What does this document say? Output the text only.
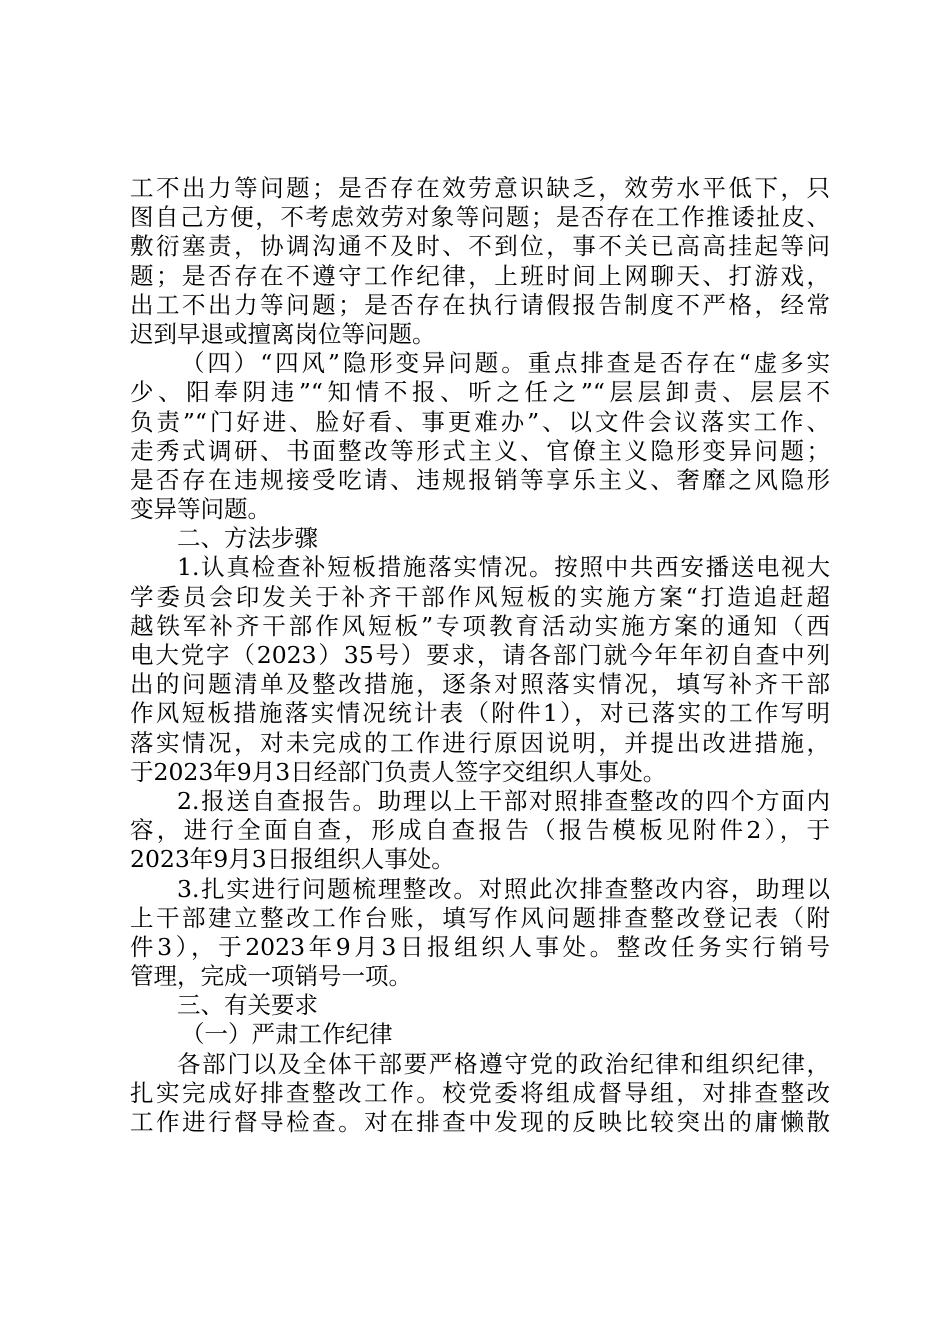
工不出力等问题；是否存在效劳意识缺乏，效劳水平低下，只
图自己方便，不考虑效劳对象等问题；是否存在工作推诿扯皮、
敷衍塞责，协调沟通不及时、不到位，事不关已高高挂起等问
题；是否存在不遵守工作纪律，上班时间上网聊天、打游戏，
出工不出力等问题；是否存在执行请假报告制度不严格，经常
迟到早退或擅离岗位等问题。
（四）“四风”隐形变异问题。重点排查是否存在“虚多实
少、阳奉阴违”“知情不报、听之任之”“层层卸责、层层不
负责”“门好进、脸好看、事更难办”、以文件会议落实工作、
走秀式调研、书面整改等形式主义、官僚主义隐形变异问题；
是否存在违规接受吃请、违规报销等享乐主义、奢靡之风隐形
变异等问题。
二、方法步骤
1.认真检查补短板措施落实情况。按照中共西安播送电视大
学委员会印发关于补齐干部作风短板的实施方案“打造追赶超
越铁军补齐干部作风短板”专项教育活动实施方案的通知（西
电大党字（2023）35号）要求，请各部门就今年年初自查中列
出的问题清单及整改措施，逐条对照落实情况，填写补齐干部
作风短板措施落实情况统计表（附件1），对已落实的工作写明
落实情况，对未完成的工作进行原因说明，并提出改进措施，
于2023年9月3日经部门负责人签字交组织人事处。
2.报送自查报告。助理以上干部对照排查整改的四个方面内
容，进行全面自查，形成自查报告（报告模板见附件2），于
2023年9月3日报组织人事处。
3.扎实进行问题梳理整改。对照此次排查整改内容，助理以
上干部建立整改工作台账，填写作风问题排查整改登记表（附
件3），于2023年9月3日报组织人事处。整改任务实行销号
管理，完成一项销号一项。
三、有关要求
（一）严肃工作纪律
各部门以及全体干部要严格遵守党的政治纪律和组织纪律，
扎实完成好排查整改工作。校党委将组成督导组，对排查整改
工作进行督导检查。对在排查中发现的反映比较突出的庸懒散
